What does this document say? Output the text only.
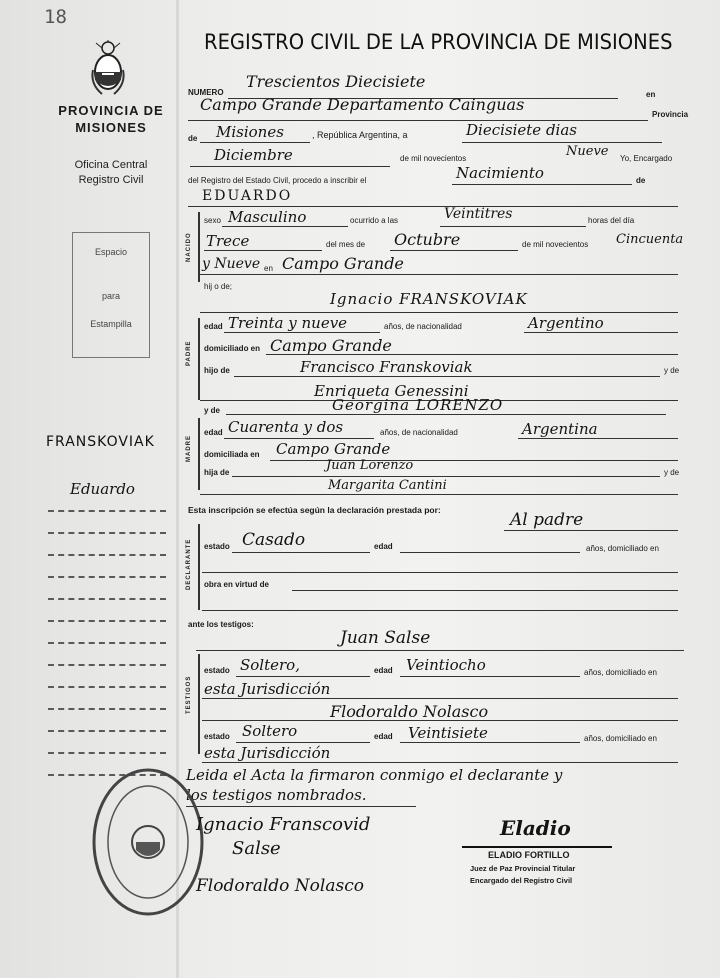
18
PROVINCIA DE
MISIONES
Oficina Central
Registro Civil
Espacio
para
Estampilla
FRANSKOVIAK
Eduardo
REGISTRO CIVIL DE LA PROVINCIA DE MISIONES
NUMERO
Trescientos Diecisiete
en
Campo Grande Departamento Cainguas
Provincia
de Misiones	, República Argentina, a	Diecisiete dias
Diciembre	de mil novecientos	Nueve Yo, Encargado
del Registro del Estado Civil, procedo a inscribir el	Nacimiento	de
EDUARDO
NACIDO
sexo Masculino	ocurrido a las	Veintitres	horas del día
Trece	del mes de Octubre	de mil novecientos Cincuenta
y Nueve en Campo Grande
hij o de;
Ignacio FRANSKOVIAK
PADRE
edad Treinta y nueve	años, de nacionalidad	Argentino
domiciliado en Campo Grande
hijo de	Francisco Franskoviak	y de
Enriqueta Genessini
y de	Georgina LORENZO
MADRE
edad Cuarenta y dos	años, de nacionalidad	Argentina
domiciliada en Campo Grande
hija de	Juan Lorenzo	y de
Margarita Cantini
Esta inscripción se efectúa según la declaración prestada por:	Al padre
DECLARANTE estado Casado	edad	años, domiciliado en
obra en virtud de
ante los testigos:
Juan Salse
TESTIGOS
estado Soltero,	edad Veintiocho	años, domiciliado en
esta Jurisdicción
Flodoraldo Nolasco
estado Soltero	edad Veintisiete	años, domiciliado en
esta Jurisdicción
Leida el Acta la firmaron conmigo el declarante y
los testigos nombrados.
Ignacio Franscovid
Salse
Flodoraldo Nolasco
Eladio
ELADIO FORTILLO
Juez de Paz Provincial Titular
Encargado del Registro Civil
